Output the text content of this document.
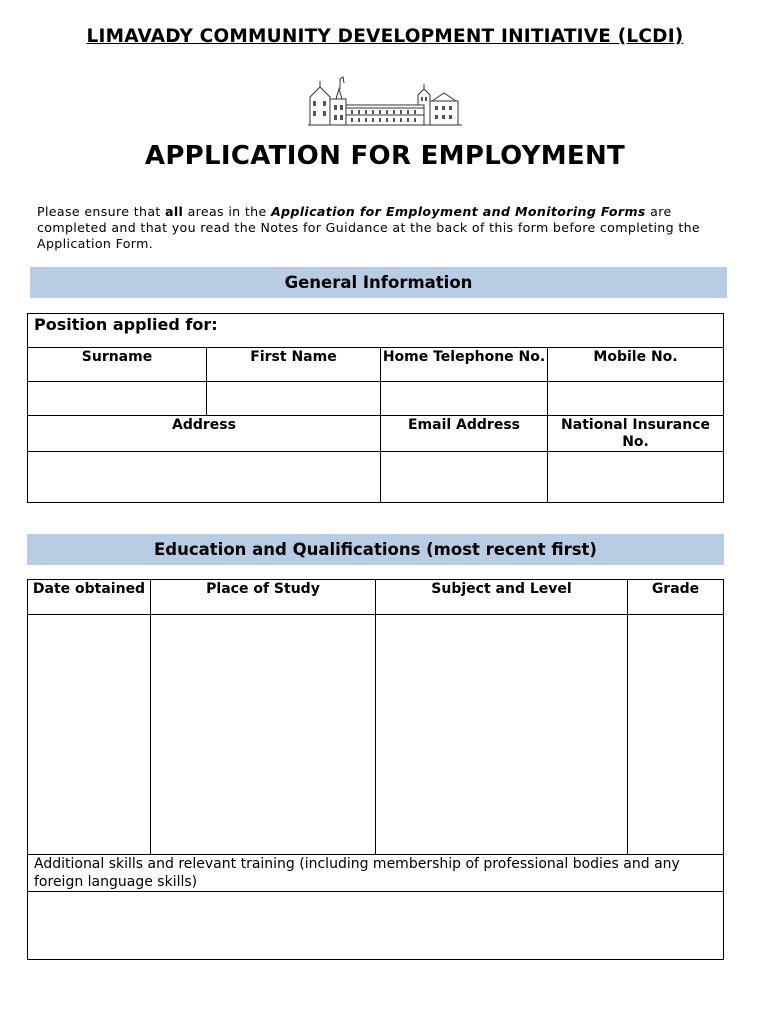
LIMAVADY COMMUNITY DEVELOPMENT INITIATIVE (LCDI)
APPLICATION FOR EMPLOYMENT
Please ensure that all areas in the Application for Employment and Monitoring Forms are completed and that you read the Notes for Guidance at the back of this form before completing the Application Form.
General Information
Position applied for:			
Surname	First Name	Home Telephone No.	Mobile No.

Address		Email Address	National Insurance No.

Education and Qualifications (most recent first)
Date obtained	Place of Study	Subject and Level	Grade

Additional skills and relevant training (including membership of professional bodies and any foreign language skills)			
